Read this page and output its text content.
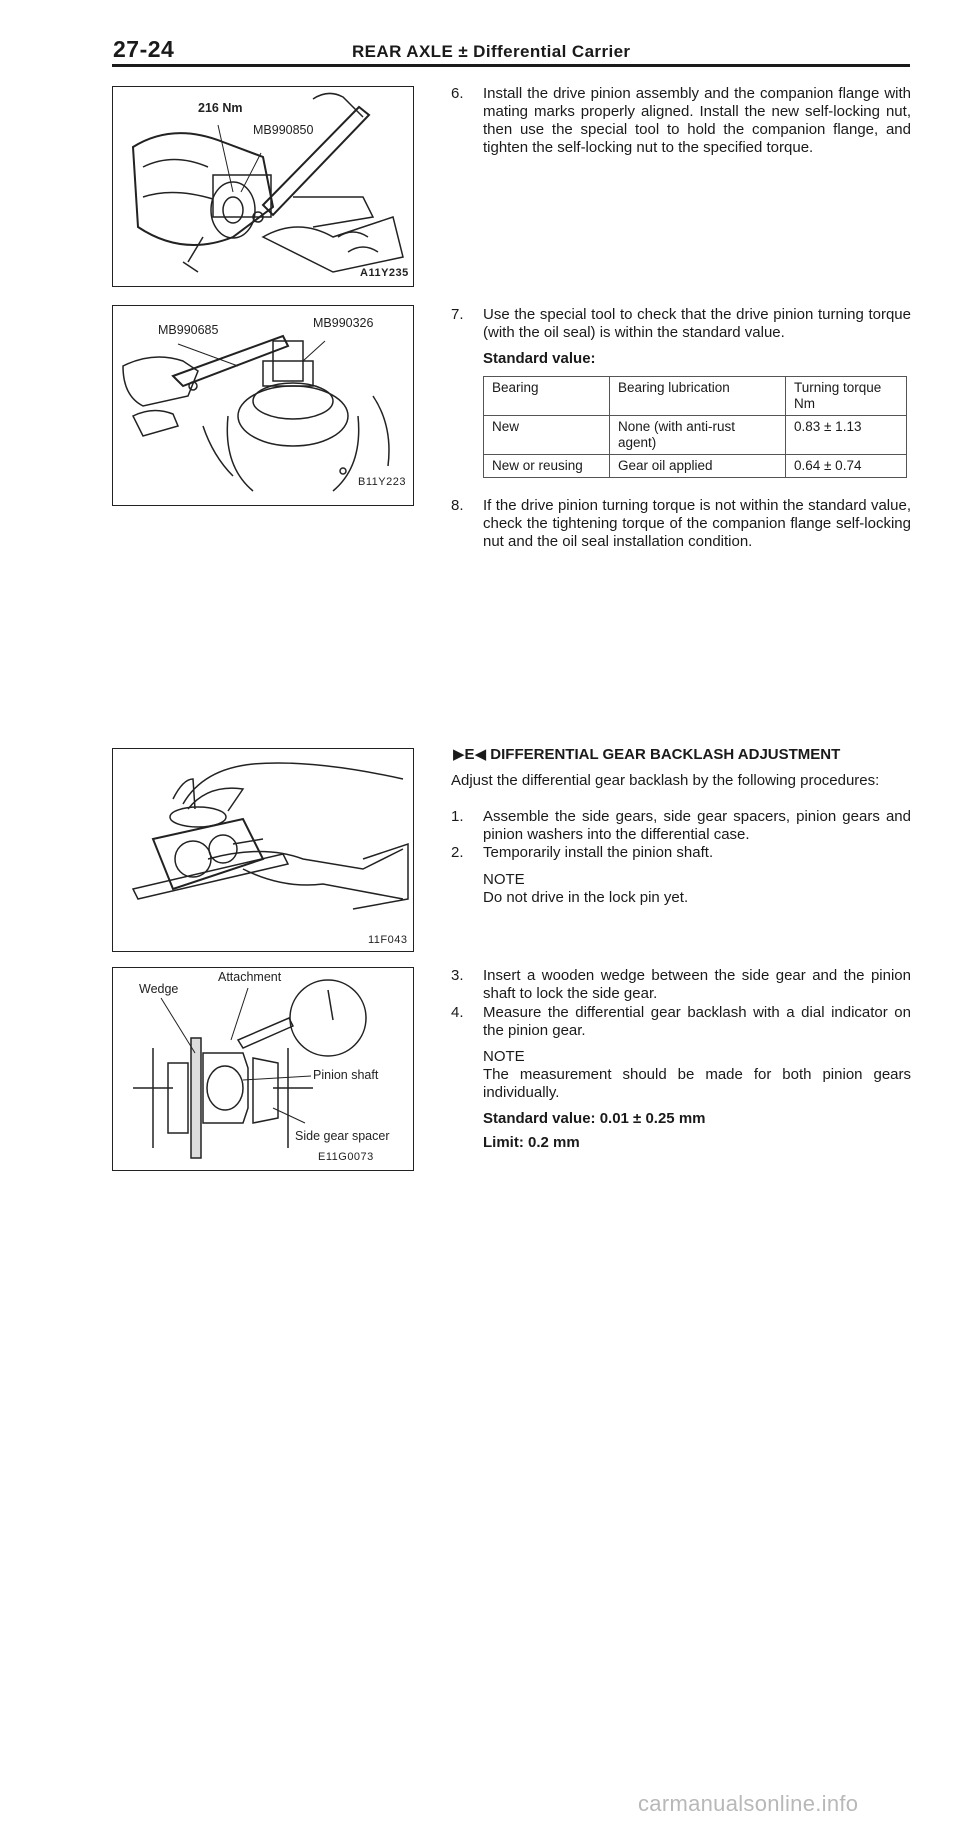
27-24	REAR AXLE ± Differential Carrier
216 Nm
MB990850
A11Y235
MB990685	MB990326
B11Y223
11F043
Wedge
Attachment
Pinion shaft
Side gear spacer
E11G0073
6. Install the drive pinion assembly and the companion flange with mating marks properly aligned. Install the new self-locking nut, then use the special tool to hold the companion flange, and tighten the self-locking nut to the specified torque.
7. Use the special tool to check that the drive pinion turning torque (with the oil seal) is within the standard value.
Standard value:
Bearing	Bearing lubrication	Turning torque Nm
New	None (with anti-rust agent)	0.83 ± 1.13
New or reusing	Gear oil applied	0.64 ± 0.74
8. If the drive pinion turning torque is not within the standard value, check the tightening torque of the companion flange self-locking nut and the oil seal installation condition.
▶E◀ DIFFERENTIAL GEAR BACKLASH ADJUSTMENT
Adjust the differential gear backlash by the following procedures:
1. Assemble the side gears, side gear spacers, pinion gears and pinion washers into the differential case.
2. Temporarily install the pinion shaft.
NOTE
Do not drive in the lock pin yet.
3. Insert a wooden wedge between the side gear and the pinion shaft to lock the side gear.
4. Measure the differential gear backlash with a dial indicator on the pinion gear.
NOTE
The measurement should be made for both pinion gears individually.
Standard value: 0.01 ± 0.25 mm
Limit: 0.2 mm
carmanualsonline.info
